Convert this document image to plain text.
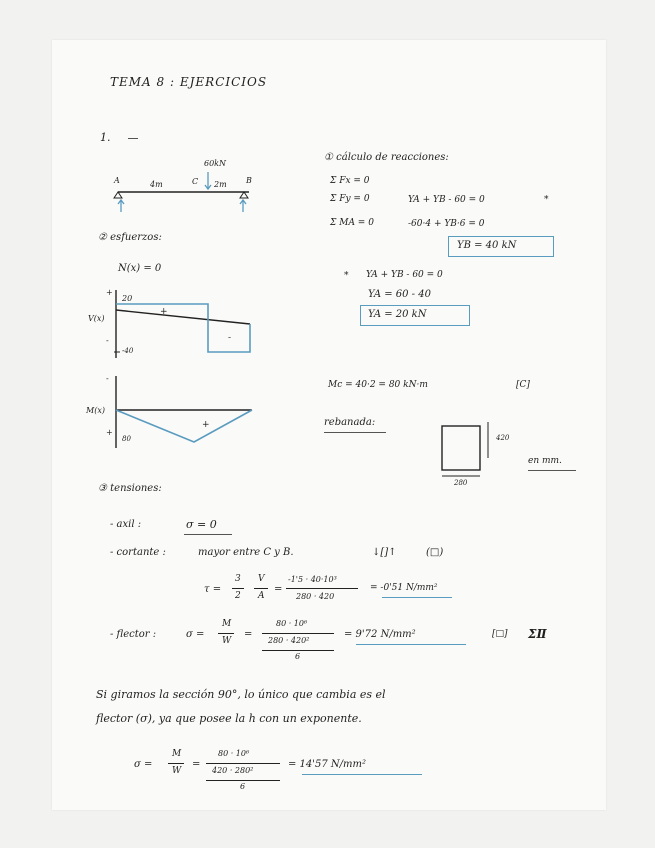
TEMA 8 : EJERCICIOS
1.
60kN
A	C	B
4m	2m
① cálculo de reacciones:
Σ Fx = 0
Σ Fy = 0	YA + YB - 60 = 0	*
Σ MA = 0	-60·4 + YB·6 = 0
YB = 40 kN
* YA + YB - 60 = 0
YA = 60 - 40
YA = 20 kN
② esfuerzos:
N(x) = 0
+
20
V(x)
+
-
-
-40
-
M(x)
+
+
80
Mc = 40·2 = 80 kN·m	[C]
rebanada:
420
280
en mm.
③ tensiones:
- axil :	σ = 0
- cortante :	mayor entre C y B.	↓[]↑	(□)
τ =
3
2
V
A
=
-1'5 · 40·10³
280 · 420
= -0'51 N/mm²
- flector :	σ =
M
W
=
80 · 10⁶
280 · 420²
6
= 9'72 N/mm²	[□] ΣⅡ
Si giramos la sección 90°, lo único que cambia es el
flector (σ), ya que posee la h con un exponente.
σ =
M
W
=
80 · 10⁶
420 · 280²
6
= 14'57 N/mm²
